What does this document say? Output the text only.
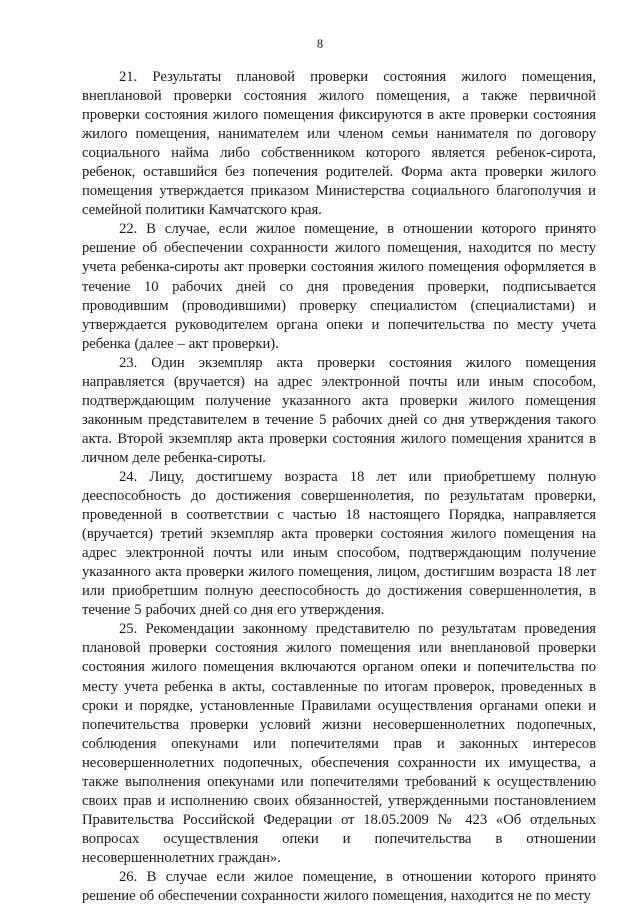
8

21. Результаты плановой проверки состояния жилого помещения, внеплановой проверки состояния жилого помещения, а также первичной проверки состояния жилого помещения фиксируются в акте проверки состояния жилого помещения, нанимателем или членом семьи нанимателя по договору социального найма либо собственником которого является ребенок-сирота, ребенок, оставшийся без попечения родителей. Форма акта проверки жилого помещения утверждается приказом Министерства социального благополучия и семейной политики Камчатского края.

22. В случае, если жилое помещение, в отношении которого принято решение об обеспечении сохранности жилого помещения, находится по месту учета ребенка-сироты акт проверки состояния жилого помещения оформляется в течение 10 рабочих дней со дня проведения проверки, подписывается проводившим (проводившими) проверку специалистом (специалистами) и утверждается руководителем органа опеки и попечительства по месту учета ребенка (далее – акт проверки).

23. Один экземпляр акта проверки состояния жилого помещения направляется (вручается) на адрес электронной почты или иным способом, подтверждающим получение указанного акта проверки жилого помещения законным представителем в течение 5 рабочих дней со дня утверждения такого акта. Второй экземпляр акта проверки состояния жилого помещения хранится в личном деле ребенка-сироты.

24. Лицу, достигшему возраста 18 лет или приобретшему полную дееспособность до достижения совершеннолетия, по результатам проверки, проведенной в соответствии с частью 18 настоящего Порядка, направляется (вручается) третий экземпляр акта проверки состояния жилого помещения на адрес электронной почты или иным способом, подтверждающим получение указанного акта проверки жилого помещения, лицом, достигшим возраста 18 лет или приобретшим полную дееспособность до достижения совершеннолетия, в течение 5 рабочих дней со дня его утверждения.

25. Рекомендации законному представителю по результатам проведения плановой проверки состояния жилого помещения или внеплановой проверки состояния жилого помещения включаются органом опеки и попечительства по месту учета ребенка в акты, составленные по итогам проверок, проведенных в сроки и порядке, установленные Правилами осуществления органами опеки и попечительства проверки условий жизни несовершеннолетних подопечных, соблюдения опекунами или попечителями прав и законных интересов несовершеннолетних подопечных, обеспечения сохранности их имущества, а также выполнения опекунами или попечителями требований к осуществлению своих прав и исполнению своих обязанностей, утвержденными постановлением Правительства Российской Федерации от 18.05.2009 № 423 «Об отдельных вопросах осуществления опеки и попечительства в отношении несовершеннолетних граждан».

26. В случае если жилое помещение, в отношении которого принято решение об обеспечении сохранности жилого помещения, находится не по месту
